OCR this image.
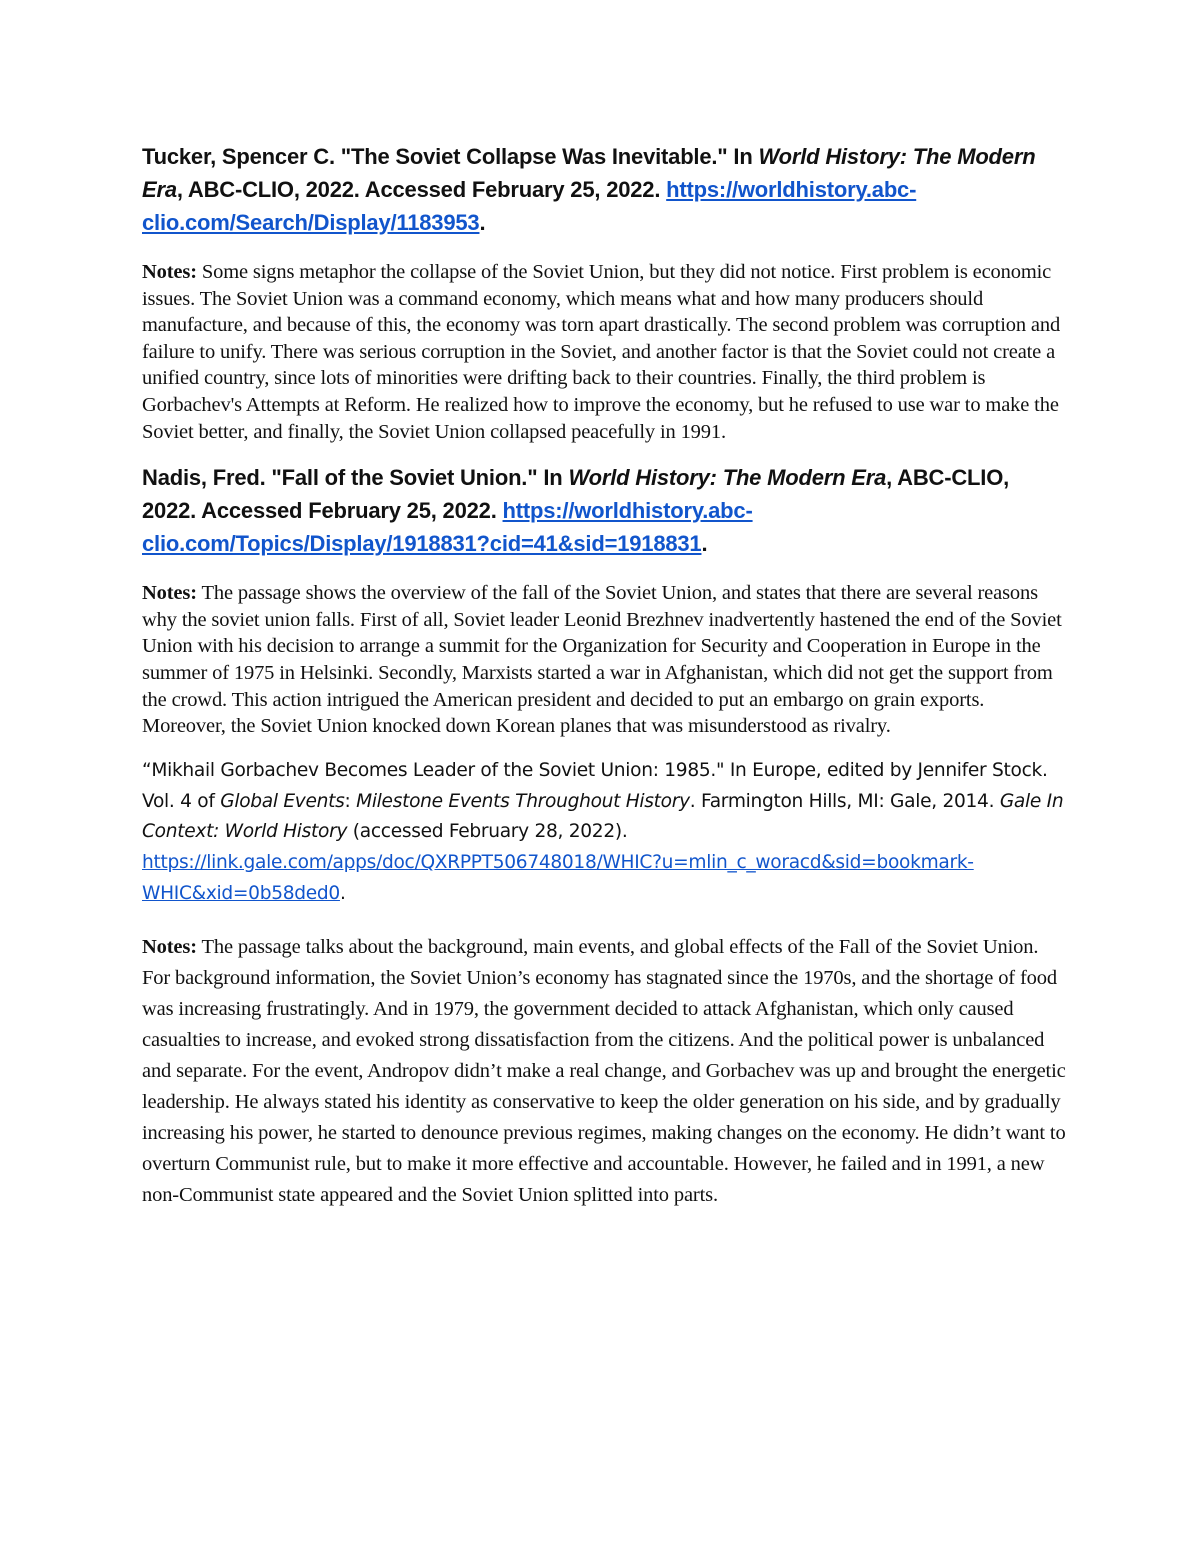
Tucker, Spencer C. "The Soviet Collapse Was Inevitable." In World History: The Modern Era, ABC-CLIO, 2022. Accessed February 25, 2022. https://worldhistory.abc-
clio.com/Search/Display/1183953.

Notes: Some signs metaphor the collapse of the Soviet Union, but they did not notice. First problem is economic issues. The Soviet Union was a command economy, which means what and how many producers should manufacture, and because of this, the economy was torn apart drastically. The second problem was corruption and failure to unify. There was serious corruption in the Soviet, and another factor is that the Soviet could not create a unified country, since lots of minorities were drifting back to their countries. Finally, the third problem is Gorbachev's Attempts at Reform. He realized how to improve the economy, but he refused to use war to make the Soviet better, and finally, the Soviet Union collapsed peacefully in 1991.

Nadis, Fred. "Fall of the Soviet Union." In World History: The Modern Era, ABC-CLIO, 2022. Accessed February 25, 2022. https://worldhistory.abc-
clio.com/Topics/Display/1918831?cid=41&sid=1918831.

Notes: The passage shows the overview of the fall of the Soviet Union, and states that there are several reasons why the soviet union falls. First of all, Soviet leader Leonid Brezhnev inadvertently hastened the end of the Soviet Union with his decision to arrange a summit for the Organization for Security and Cooperation in Europe in the summer of 1975 in Helsinki. Secondly, Marxists started a war in Afghanistan, which did not get the support from the crowd. This action intrigued the American president and decided to put an embargo on grain exports. Moreover, the Soviet Union knocked down Korean planes that was misunderstood as rivalry.

“Mikhail Gorbachev Becomes Leader of the Soviet Union: 1985." In Europe, edited by Jennifer Stock. Vol. 4 of Global Events: Milestone Events Throughout History. Farmington Hills, MI: Gale, 2014. Gale In Context: World History (accessed February 28, 2022).
https://link.gale.com/apps/doc/QXRPPT506748018/WHIC?u=mlin_c_woracd&sid=bookmark-
WHIC&xid=0b58ded0.

Notes: The passage talks about the background, main events, and global effects of the Fall of the Soviet Union. For background information, the Soviet Union’s economy has stagnated since the 1970s, and the shortage of food was increasing frustratingly. And in 1979, the government decided to attack Afghanistan, which only caused casualties to increase, and evoked strong dissatisfaction from the citizens. And the political power is unbalanced and separate. For the event, Andropov didn’t make a real change, and Gorbachev was up and brought the energetic leadership. He always stated his identity as conservative to keep the older generation on his side, and by gradually increasing his power, he started to denounce previous regimes, making changes on the economy. He didn’t want to overturn Communist rule, but to make it more effective and accountable. However, he failed and in 1991, a new non-Communist state appeared and the Soviet Union splitted into parts.
